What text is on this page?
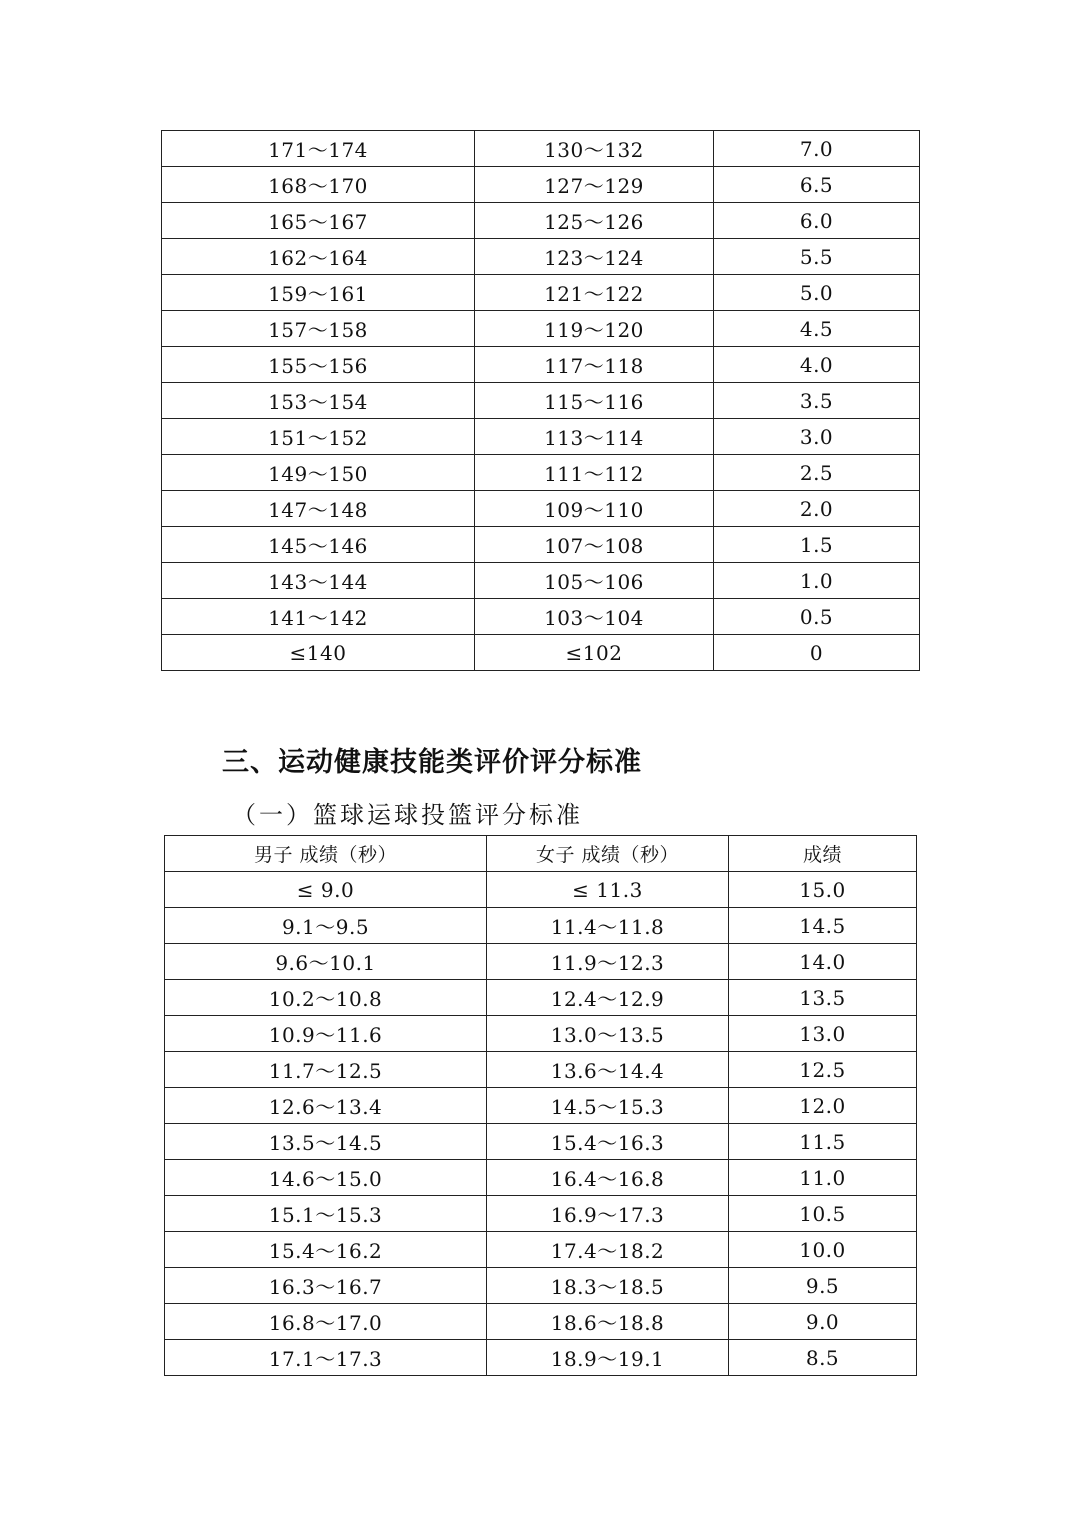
171～174	130～132	7.0
168～170	127～129	6.5
165～167	125～126	6.0
162～164	123～124	5.5
159～161	121～122	5.0
157～158	119～120	4.5
155～156	117～118	4.0
153～154	115～116	3.5
151～152	113～114	3.0
149～150	111～112	2.5
147～148	109～110	2.0
145～146	107～108	1.5
143～144	105～106	1.0
141～142	103～104	0.5
≤140	≤102	0
三、运动健康技能类评价评分标准
（一）篮球运球投篮评分标准
男子 成绩（秒）	女子 成绩（秒）	成绩
≤ 9.0	≤ 11.3	15.0
9.1～9.5	11.4～11.8	14.5
9.6～10.1	11.9～12.3	14.0
10.2～10.8	12.4～12.9	13.5
10.9～11.6	13.0～13.5	13.0
11.7～12.5	13.6～14.4	12.5
12.6～13.4	14.5～15.3	12.0
13.5～14.5	15.4～16.3	11.5
14.6～15.0	16.4～16.8	11.0
15.1～15.3	16.9～17.3	10.5
15.4～16.2	17.4～18.2	10.0
16.3～16.7	18.3～18.5	9.5
16.8～17.0	18.6～18.8	9.0
17.1～17.3	18.9～19.1	8.5
